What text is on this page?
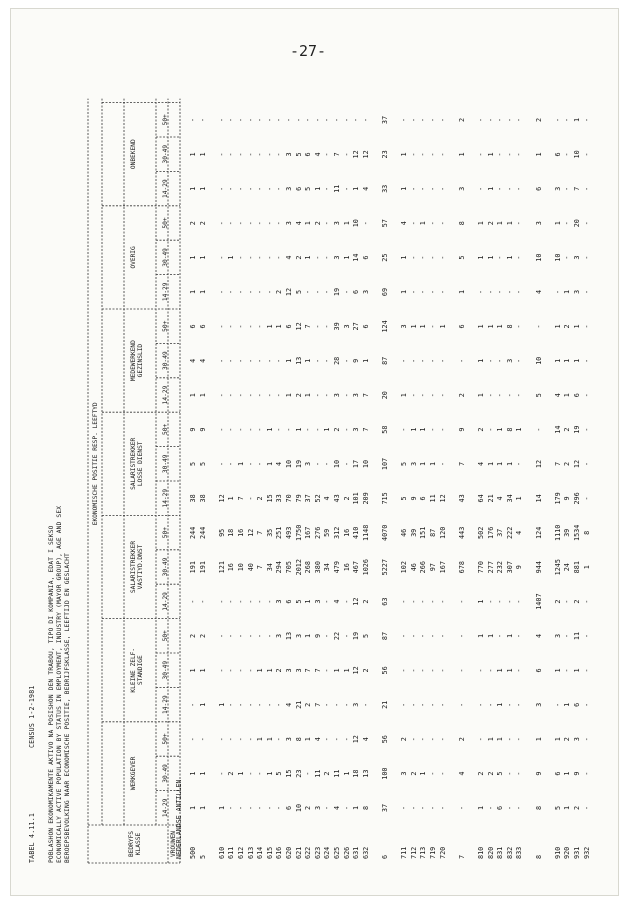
-27-
TABEL 4.11.1
CENSUS 1-2-1981 POBLASHON EKONOMIKAMENTE AKTIVO NA POSISHON DEN TRABOU, TIPO DI KOMPANIA, EDAT I SEKSO ECONOMICALLY ACTIVE POPULATION BY STATUS IN EMPLOYMENT, INDUSTRY (MAYOR GROUP), AGE AND SEX BEROEPSBEVOLKING NAAR ECONOMISCHE POSITIE, BEDRIJFSKLASSE, LEEFTIJD EN GESLACHT	BEDRYFS
KLASSE
EKONOMISCHE POSITIE RESP. LEEFTYD
WERKGEVER
KLEINE ZELF-
STANDIGE
SALARISTREKKER
VASTIYD.DNST
SALARISTREKKER
LOSSE DIENST
MEDEWERKEND
GEZINSLID
OVERIG
ONBEKEND
14-29
30-49
50+
14-29
30-49
50+
14-29
30-49
50+
14-29
30-49
50+
14-29
30-49
50+
14-29
30-49
50+
14-29
30-49
50+
VROUWEN
NEDERLANDSE ANTILLEN 500
1
1
-
-
1
2
-
191
244
38
5
9
1
4
6
1
1
2
1
1
-
5
1
1
-
1
1
2
-
191
244
38
5
9
1
4
6
1
1
2
1
1
-
610
1
-
-
1
-
-
-
121
95
12
-
-
-
-
-
-
-
-
-
-
-
611
-
2
-
-
-
-
-
16
18
1
-
-
-
-
-
-
1
-
-
-
-
612
-
1
-
-
-
-
-
10
16
7
1
-
-
-
-
-
-
-
-
-
-
613
-
-
-
-
-
-
-
40
12
-
-
-
-
-
-
-
-
-
-
-
-
614
-
-
1
-
1
-
-
7
7
2
-
-
-
-
-
-
-
-
-
-
-
615
-
1
1
-
1
-
-
34
35
15
1
1
-
-
1
-
-
-
-
-
-
616
-
5
-
-
2
3
3
294
251
33
4
-
-
-
1
2
-
-
-
-
-
620
6
15
3
4
3
13
6
705
493
70
10
-
1
1
6
12
4
3
3
3
-
621
10
23
8
21
3
3
5
2012
1750
79
19
1
2
13
12
5
2
4
6
5
-
622
2
-
1
2
7
1
1
268
167
37
3
-
1
1
7
-
1
1
5
6
-
623
3
11
4
7
7
9
3
380
276
52
-
-
-
-
-
-
-
2
1
4
-
624
-
2
-
-
-
-
-
34
59
4
-
1
-
-
-
-
-
-
-
-
-
625
4
11
-
-
1
22
4
479
312
43
10
2
3
28
39
19
3
3
11
7
-
626
-
1
-
-
1
-
-
16
16
2
-
-
-
-
3
-
1
1
-
-
-
631
1
18
12
3
12
19
12
467
410
101
17
3
3
9
27
6
14
10
1
12
-
632
8
13
4
-
2
5
2
1026
1148
209
10
7
7
1
6
3
6
-
4
12
-
6
37
100
56
21
56
87
63
5227
4070
715
107
58
20
87
124
69
25
57
33
23
37
711
-
3
2
-
-
-
-
102
46
5
5
-
1
-
3
1
1
4
1
1
-
712
-
2
-
-
-
-
-
46
39
9
3
1
-
-
1
-
-
-
-
-
-
713
-
1
-
-
-
-
-
266
151
6
1
1
-
-
1
-
-
1
-
-
-
719
-
-
-
-
-
-
-
97
87
11
1
-
-
-
-
-
-
-
-
-
-
720
-
-
-
-
-
-
-
167
120
12
-
-
-
-
1
-
-
-
-
-
-
7
-
4
2
-
-
-
-
678
443
43
7
9
2
-
6
1
5
8
3
1
2
810
1
2
-
-
-
1
1
770
502
64
4
2
1
1
1
-
1
1
-
-
-
820
-
2
1
-
-
1
-
277
176
21
1
-
-
-
1
-
1
2
1
1
-
831
6
5
1
1
1
-
-
232
37
4
1
1
-
-
1
-
-
1
-
-
-
832
-
-
-
-
1
1
-
307
222
34
1
8
-
3
8
-
1
1
-
-
-
833
-
-
-
-
-
-
-
9
4
1
-
1
-
-
-
-
-
-
-
-
-
8
8
9
1
3
6
4
1407
944
124
14
12
-
5
10
-
4
10
3
6
1
2
910
5
6
1
-
1
3
2
1245
1110
179
7
14
4
1
1
-
10
1
3
6
-
920
1
1
2
1
-
-
-
24
39
9
2
2
1
1
2
1
-
-
-
-
-
931
2
9
3
6
1
11
2
881
1534
296
12
19
6
1
1
3
3
20
7
10
1
932
-
-
-
-
-
-
-
1
8
-
-
-
-
-
-
-
-
-
-
-
-
